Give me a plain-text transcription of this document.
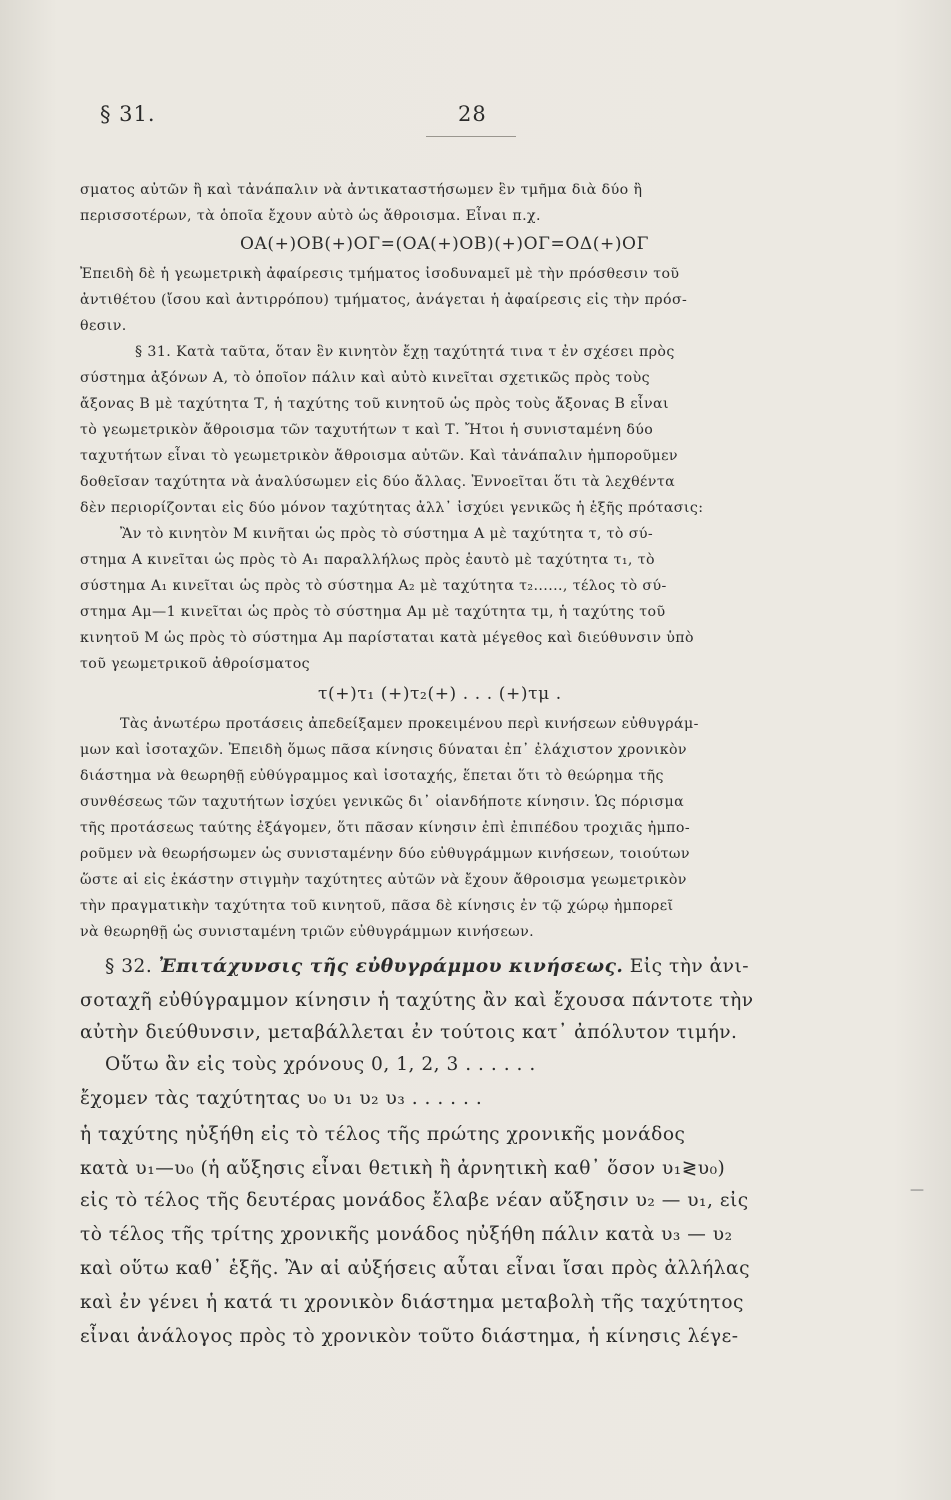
§ 31.	28
σματος αὐτῶν ἢ καὶ τἀνάπαλιν νὰ ἀντικαταστήσωμεν ἓν τμῆμα διὰ δύο ἢ
περισσοτέρων, τὰ ὁποῖα ἔχουν αὐτὸ ὡς ἄθροισμα. Εἶναι π.χ.
ΟΑ(+)ΟΒ(+)ΟΓ=(ΟΑ(+)ΟΒ)(+)ΟΓ=ΟΔ(+)ΟΓ
Ἐπειδὴ δὲ ἡ γεωμετρικὴ ἀφαίρεσις τμήματος ἰσοδυναμεῖ μὲ τὴν πρόσθεσιν τοῦ
ἀντιθέτου (ἴσου καὶ ἀντιρρόπου) τμήματος, ἀνάγεται ἡ ἀφαίρεσις εἰς τὴν πρόσ-
θεσιν.
§ 31. Κατὰ ταῦτα, ὅταν ἓν κινητὸν ἔχῃ ταχύτητά τινα τ ἐν σχέσει πρὸς
σύστημα ἀξόνων Α, τὸ ὁποῖον πάλιν καὶ αὐτὸ κινεῖται σχετικῶς πρὸς τοὺς
ἄξονας Β μὲ ταχύτητα Τ, ἡ ταχύτης τοῦ κινητοῦ ὡς πρὸς τοὺς ἄξονας Β εἶναι
τὸ γεωμετρικὸν ἄθροισμα τῶν ταχυτήτων τ καὶ Τ. Ἤτοι ἡ συνισταμένη δύο
ταχυτήτων εἶναι τὸ γεωμετρικὸν ἄθροισμα αὐτῶν. Καὶ τἀνάπαλιν ἠμποροῦμεν
δοθεῖσαν ταχύτητα νὰ ἀναλύσωμεν εἰς δύο ἄλλας. Ἐννοεῖται ὅτι τὰ λεχθέντα
δὲν περιορίζονται εἰς δύο μόνον ταχύτητας ἀλλ᾽ ἰσχύει γενικῶς ἡ ἑξῆς πρότασις:
Ἂν τὸ κινητὸν Μ κινῆται ὡς πρὸς τὸ σύστημα Α μὲ ταχύτητα τ, τὸ σύ-
στημα Α κινεῖται ὡς πρὸς τὸ Α₁ παραλλήλως πρὸς ἑαυτὸ μὲ ταχύτητα τ₁, τὸ
σύστημα Α₁ κινεῖται ὡς πρὸς τὸ σύστημα Α₂ μὲ ταχύτητα τ₂......, τέλος τὸ σύ-
στημα Αμ—1 κινεῖται ὡς πρὸς τὸ σύστημα Αμ μὲ ταχύτητα τμ, ἡ ταχύτης τοῦ
κινητοῦ Μ ὡς πρὸς τὸ σύστημα Αμ παρίσταται κατὰ μέγεθος καὶ διεύθυνσιν ὑπὸ
τοῦ γεωμετρικοῦ ἀθροίσματος
τ(+)τ₁ (+)τ₂(+) . . . (+)τμ .
Τὰς ἀνωτέρω προτάσεις ἀπεδείξαμεν προκειμένου περὶ κινήσεων εὐθυγράμ-
μων καὶ ἰσοταχῶν. Ἐπειδὴ ὅμως πᾶσα κίνησις δύναται ἐπ᾽ ἐλάχιστον χρονικὸν
διάστημα νὰ θεωρηθῇ εὐθύγραμμος καὶ ἰσοταχής, ἕπεται ὅτι τὸ θεώρημα τῆς
συνθέσεως τῶν ταχυτήτων ἰσχύει γενικῶς δι᾽ οἱανδήποτε κίνησιν. Ὡς πόρισμα
τῆς προτάσεως ταύτης ἐξάγομεν, ὅτι πᾶσαν κίνησιν ἐπὶ ἐπιπέδου τροχιᾶς ἠμπο-
ροῦμεν νὰ θεωρήσωμεν ὡς συνισταμένην δύο εὐθυγράμμων κινήσεων, τοιούτων
ὥστε αἱ εἰς ἑκάστην στιγμὴν ταχύτητες αὐτῶν νὰ ἔχουν ἄθροισμα γεωμετρικὸν
τὴν πραγματικὴν ταχύτητα τοῦ κινητοῦ, πᾶσα δὲ κίνησις ἐν τῷ χώρῳ ἠμπορεῖ
νὰ θεωρηθῇ ὡς συνισταμένη τριῶν εὐθυγράμμων κινήσεων.
§ 32. Ἐπιτάχυνσις τῆς εὐθυγράμμου κινήσεως. Εἰς τὴν ἀνι-
σοταχῆ εὐθύγραμμον κίνησιν ἡ ταχύτης ἂν καὶ ἔχουσα πάντοτε τὴν
αὐτὴν διεύθυνσιν, μεταβάλλεται ἐν τούτοις κατ᾽ ἀπόλυτον τιμήν.
Οὕτω ἂν εἰς τοὺς χρόνους 0, 1, 2, 3 . . . . . .
ἔχομεν τὰς ταχύτητας υ₀ υ₁ υ₂ υ₃ . . . . . .
ἡ ταχύτης ηὐξήθη εἰς τὸ τέλος τῆς πρώτης χρονικῆς μονάδος
κατὰ υ₁—υ₀ (ἡ αὔξησις εἶναι θετικὴ ἢ ἀρνητικὴ καθ᾽ ὅσον υ₁≷υ₀)
εἰς τὸ τέλος τῆς δευτέρας μονάδος ἔλαβε νέαν αὔξησιν υ₂ — υ₁, εἰς
τὸ τέλος τῆς τρίτης χρονικῆς μονάδος ηὐξήθη πάλιν κατὰ υ₃ — υ₂
καὶ οὕτω καθ᾽ ἑξῆς. Ἂν αἱ αὐξήσεις αὗται εἶναι ἴσαι πρὸς ἀλλήλας
καὶ ἐν γένει ἡ κατά τι χρονικὸν διάστημα μεταβολὴ τῆς ταχύτητος
εἶναι ἀνάλογος πρὸς τὸ χρονικὸν τοῦτο διάστημα, ἡ κίνησις λέγε-
—
